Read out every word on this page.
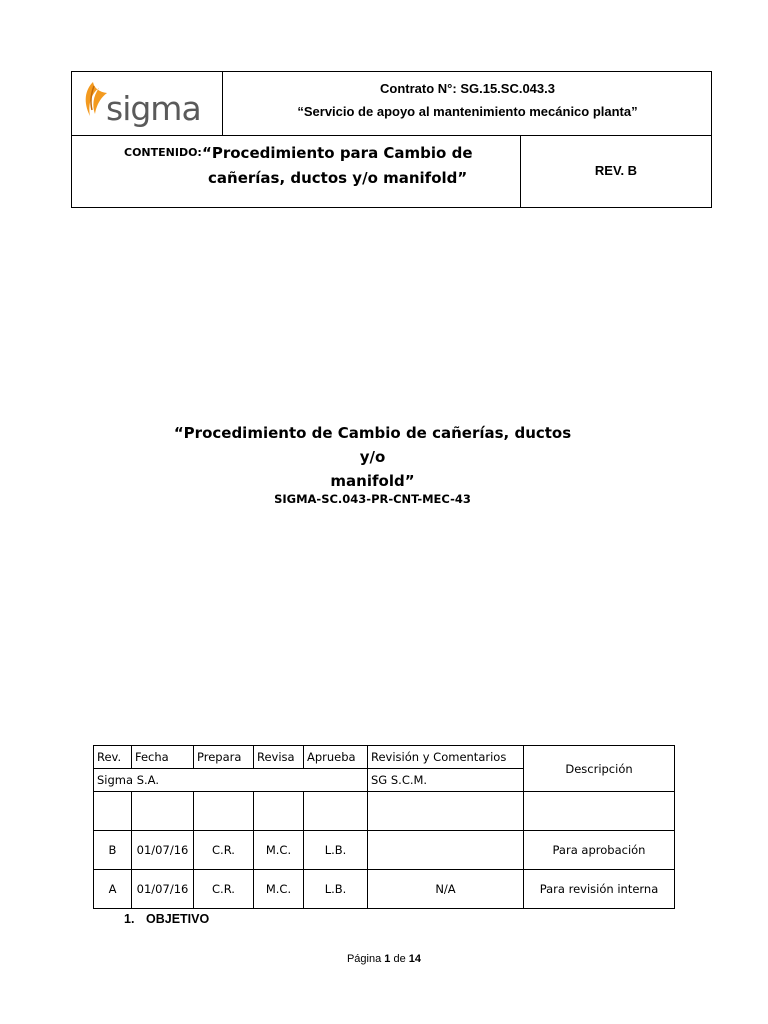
sigma
Contrato N°: SG.15.SC.043.3
“Servicio de apoyo al mantenimiento mecánico planta”
CONTENIDO: “Procedimiento para Cambio de
cañerías, ductos y/o manifold”	REV. B
“Procedimiento de Cambio de cañerías, ductos y/o
manifold”
SIGMA-SC.043-PR-CNT-MEC-43
Rev.	Fecha	Prepara	Revisa	Aprueba	Revisión y Comentarios	Descripción
Sigma S.A.					SG S.C.M.	

B	01/07/16	C.R.	M.C.	L.B.		Para aprobación
A	01/07/16	C.R.	M.C.	L.B.	N/A	Para revisión interna
1. OBJETIVO
Página 1 de 14
